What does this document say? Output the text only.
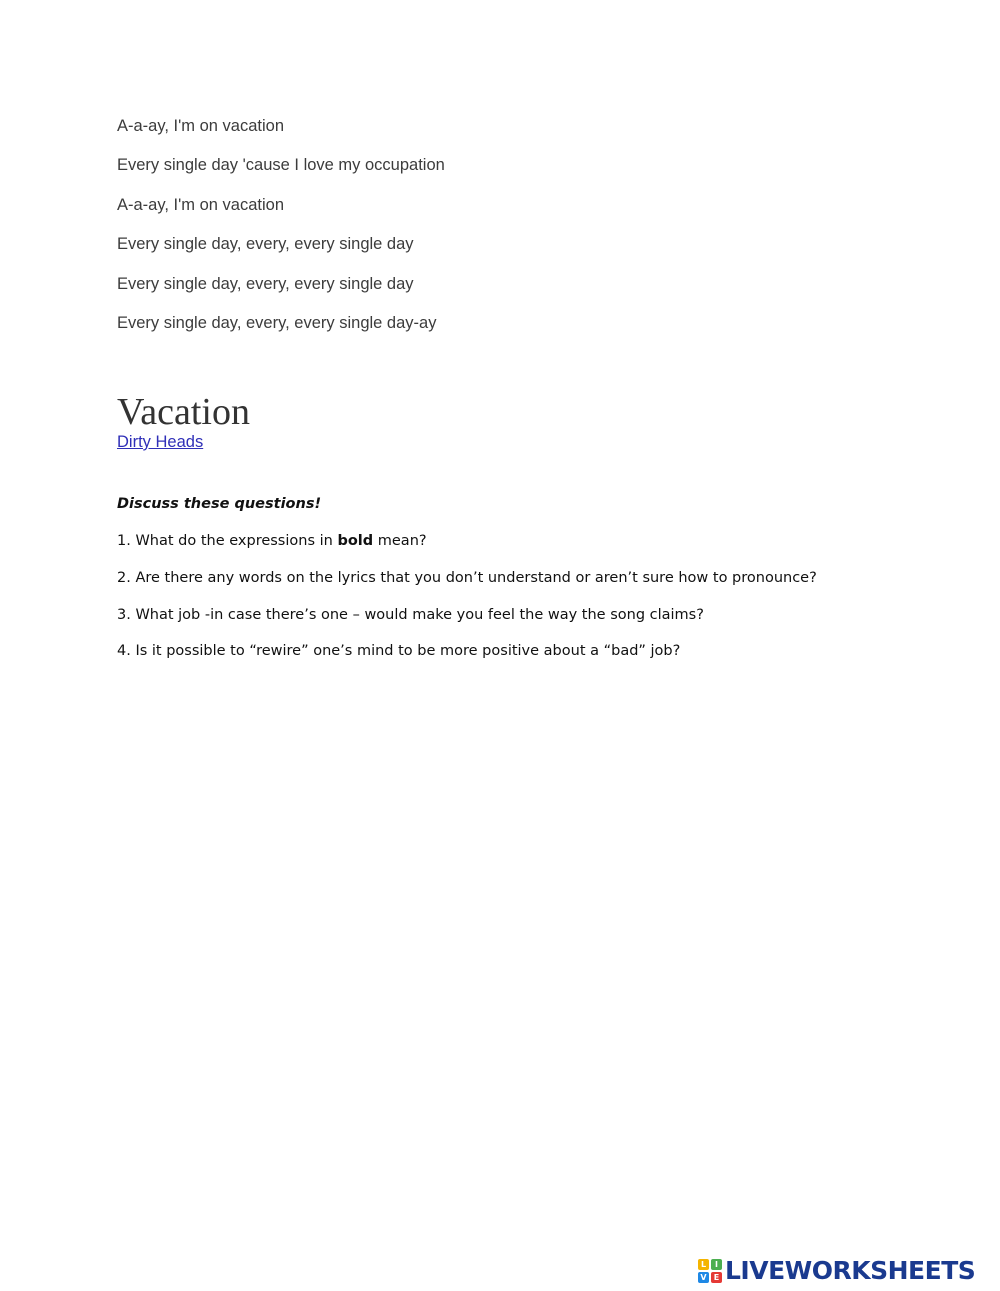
A-a-ay, I'm on vacation
Every single day 'cause I love my occupation
A-a-ay, I'm on vacation
Every single day, every, every single day
Every single day, every, every single day
Every single day, every, every single day-ay
Vacation
Dirty Heads
Discuss these questions!
1. What do the expressions in bold mean?
2. Are there any words on the lyrics that you don’t understand or aren’t sure how to pronounce?
3. What job -in case there’s one – would make you feel the way the song claims?
4. Is it possible to “rewire” one’s mind to be more positive about a “bad” job?
L	I
V E LIVEWORKSHEETS
